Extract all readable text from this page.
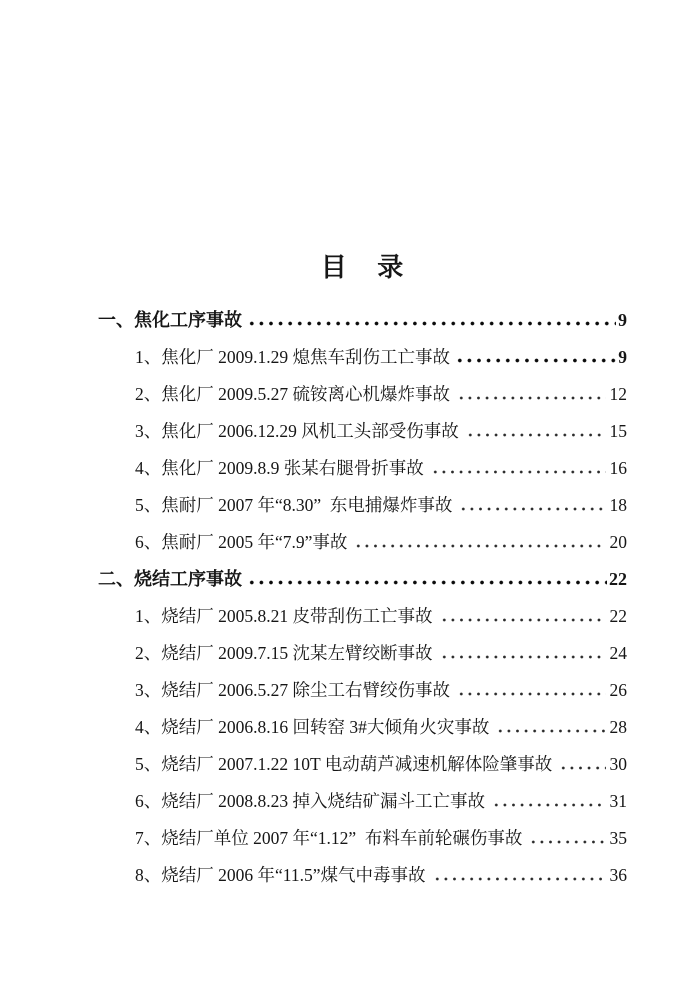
目 录
一、焦化工序事故	9
1、焦化厂 2009.1.29 熄焦车刮伤工亡事故	9
2、焦化厂 2009.5.27 硫铵离心机爆炸事故	12
3、焦化厂 2006.12.29 风机工头部受伤事故	15
4、焦化厂 2009.8.9 张某右腿骨折事故	16
5、焦耐厂 2007 年“8.30”  东电捕爆炸事故	18
6、焦耐厂 2005 年“7.9”事故	20
二、烧结工序事故	22
1、烧结厂 2005.8.21 皮带刮伤工亡事故	22
2、烧结厂 2009.7.15 沈某左臂绞断事故	24
3、烧结厂 2006.5.27 除尘工右臂绞伤事故	26
4、烧结厂 2006.8.16 回转窑 3#大倾角火灾事故	28
5、烧结厂 2007.1.22 10T 电动葫芦减速机解体险肇事故	30
6、烧结厂 2008.8.23 掉入烧结矿漏斗工亡事故	31
7、烧结厂单位 2007 年“1.12”  布料车前轮碾伤事故	35
8、烧结厂 2006 年“11.5”煤气中毒事故	36
